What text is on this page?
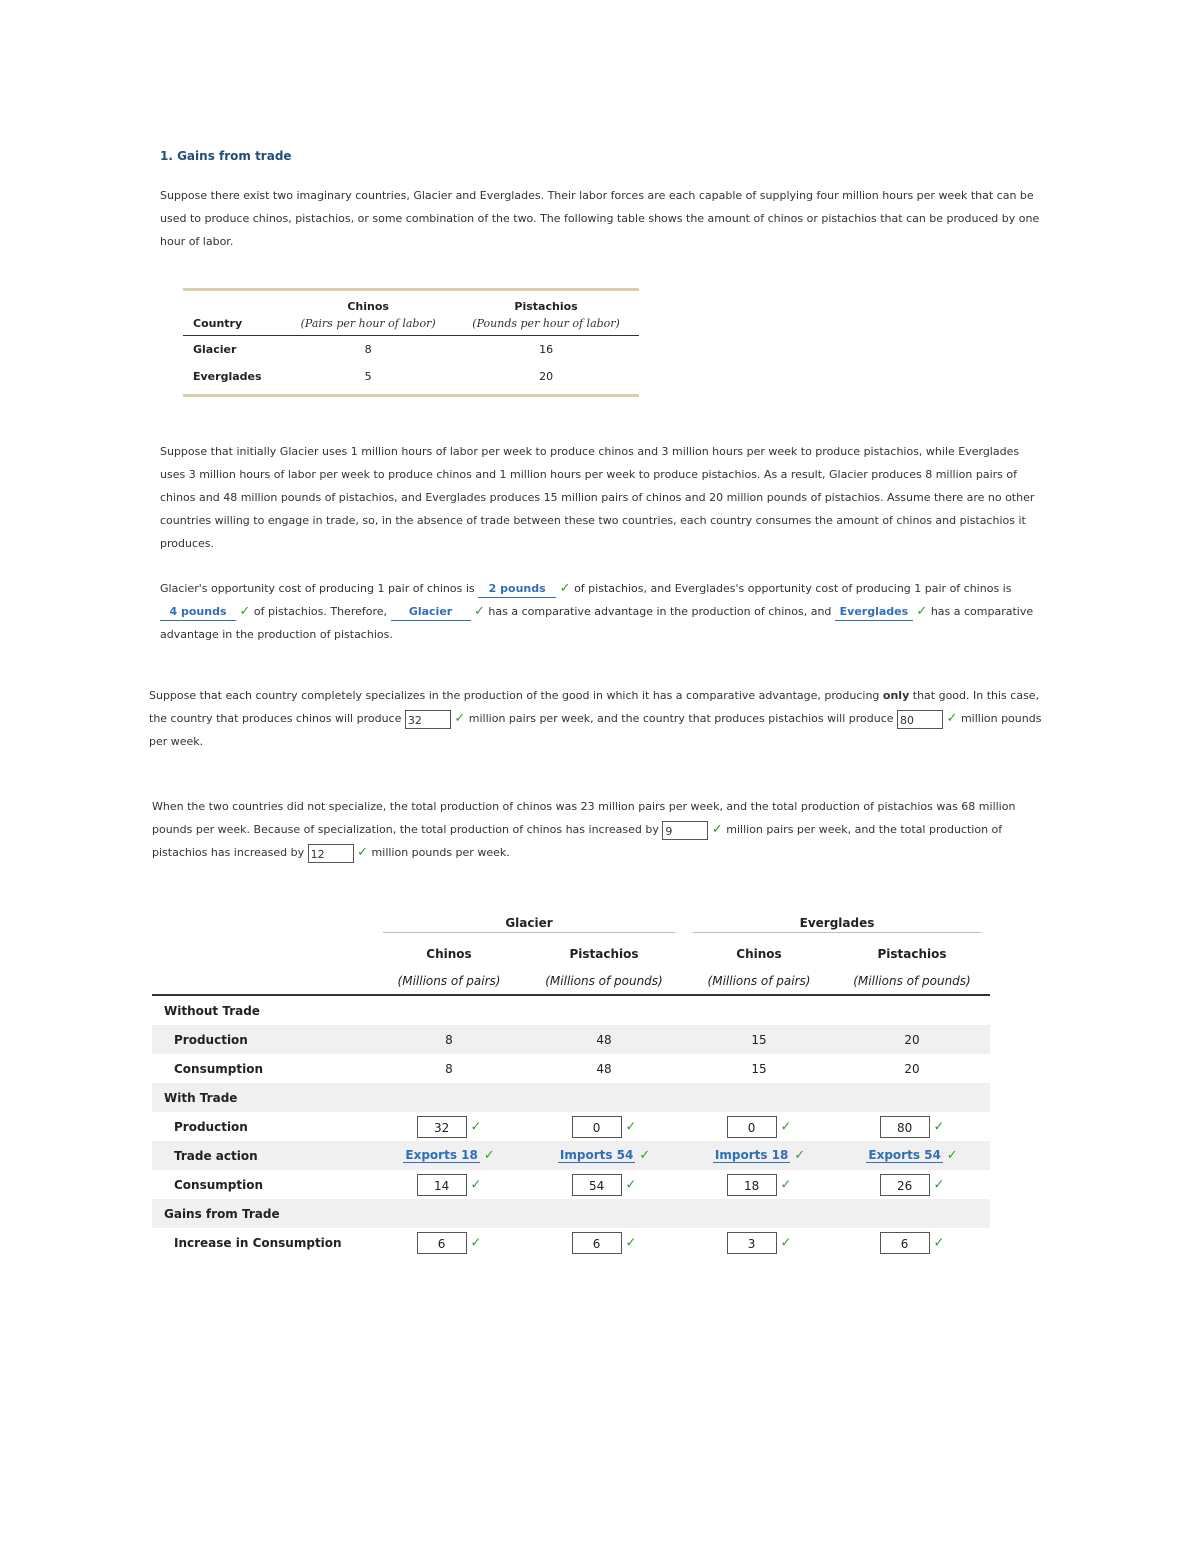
1. Gains from trade
Suppose there exist two imaginary countries, Glacier and Everglades. Their labor forces are each capable of supplying four million hours per week that can be used to produce chinos, pistachios, or some combination of the two. The following table shows the amount of chinos or pistachios that can be produced by one hour of labor.
	Chinos	Pistachios
Country	(Pairs per hour of labor)	(Pounds per hour of labor)
Glacier	8	16
Everglades	5	20
Suppose that initially Glacier uses 1 million hours of labor per week to produce chinos and 3 million hours per week to produce pistachios, while Everglades uses 3 million hours of labor per week to produce chinos and 1 million hours per week to produce pistachios. As a result, Glacier produces 8 million pairs of chinos and 48 million pounds of pistachios, and Everglades produces 15 million pairs of chinos and 20 million pounds of pistachios. Assume there are no other countries willing to engage in trade, so, in the absence of trade between these two countries, each country consumes the amount of chinos and pistachios it produces.
Glacier's opportunity cost of producing 1 pair of chinos is 2 pounds ✓ of pistachios, and Everglades's opportunity cost of producing 1 pair of chinos is 4 pounds ✓ of pistachios. Therefore, Glacier ✓ has a comparative advantage in the production of chinos, and Everglades ✓ has a comparative advantage in the production of pistachios.
Suppose that each country completely specializes in the production of the good in which it has a comparative advantage, producing only that good. In this case, the country that produces chinos will produce 32	✓ million pairs per week, and the country that produces pistachios will produce 80	✓ million pounds per week.
When the two countries did not specialize, the total production of chinos was 23 million pairs per week, and the total production of pistachios was 68 million pounds per week. Because of specialization, the total production of chinos has increased by 9	✓ million pairs per week, and the total production of pistachios has increased by 12	✓ million pounds per week.

	Glacier		Everglades	

	Chinos	Pistachios	Chinos	Pistachios
	(Millions of pairs)	(Millions of pounds)	(Millions of pairs)	(Millions of pounds)
Without Trade				
Production	8	48	15	20
Consumption	8	48	15	20
With Trade				
Production	32 ✓	0 ✓	0 ✓	80 ✓
Trade action	Exports 18 ✓	Imports 54 ✓	Imports 18 ✓	Exports 54 ✓
Consumption	14 ✓	54 ✓	18 ✓	26 ✓
Gains from Trade				
Increase in Consumption	6 ✓	6 ✓	3 ✓	6 ✓
